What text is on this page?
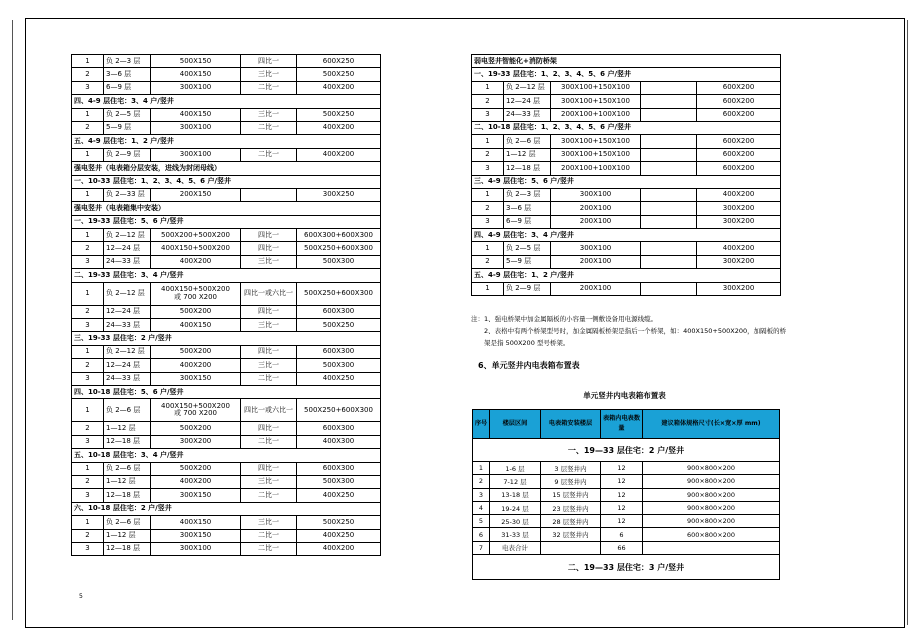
1	负 2—3 层	500X150	四比一	600X250
2	3—6 层	400X150	三比一	500X250
3	6—9 层	300X100	二比一	400X200
四、4-9 层住宅：3、4 户/竖井				
1	负 2—5 层	400X150	三比一	500X250
2	5—9 层	300X100	二比一	400X200
五、4-9 层住宅：1、2 户/竖井				
1	负 2—9 层	300X100	二比一	400X200
强电竖井（电表箱分层安装，进线为封闭母线）				
一、10-33 层住宅：1、2、3、4、5、6 户/竖井				
1	负 2—33 层	200X150		300X250
强电竖井（电表箱集中安装）				
一、19-33 层住宅：5、6 户/竖井				
1	负 2—12 层	500X200+500X200	四比一	600X300+600X300
2	12—24 层	400X150+500X200	四比一	500X250+600X300
3	24—33 层	400X200	三比一	500X300
二、19-33 层住宅：3、4 户/竖井				
1	负 2—12 层	400X150+500X200
或 700 X200	四比一或六比一	500X250+600X300
2	12—24 层	500X200	四比一	600X300
3	24—33 层	400X150	三比一	500X250
三、19-33 层住宅：2 户/竖井				
1	负 2—12 层	500X200	四比一	600X300
2	12—24 层	400X200	三比一	500X300
3	24—33 层	300X150	二比一	400X250
四、10-18 层住宅：5、6 户/竖井				
1	负 2—6 层	400X150+500X200
或 700 X200	四比一或六比一	500X250+600X300
2	1—12 层	500X200	四比一	600X300
3	12—18 层	300X200	二比一	400X300
五、10-18 层住宅：3、4 户/竖井				
1	负 2—6 层	500X200	四比一	600X300
2	1—12 层	400X200	三比一	500X300
3	12—18 层	300X150	二比一	400X250
六、10-18 层住宅：2 户/竖井				
1	负 2—6 层	400X150	三比一	500X250
2	1—12 层	300X150	二比一	400X250
3	12—18 层	300X100	二比一	400X200
弱电竖井智能化+消防桥架				
一、19-33 层住宅：1、2、3、4、5、6 户/竖井				
1	负 2—12 层	300X100+150X100		600X200
2	12—24 层	300X100+150X100		600X200
3	24—33 层	200X100+100X100		600X200
二、10-18 层住宅：1、2、3、4、5、6 户/竖井				
1	负 2—6 层	300X100+150X100		600X200
2	1—12 层	300X100+150X100		600X200
3	12—18 层	200X100+100X100		600X200
三、4-9 层住宅：5、6 户/竖井				
1	负 2—3 层	300X100		400X200
2	3—6 层	200X100		300X200
3	6—9 层	200X100		300X200
四、4-9 层住宅：3、4 户/竖井				
1	负 2—5 层	300X100		400X200
2	5—9 层	200X100		300X200
五、4-9 层住宅：1、2 户/竖井				
1	负 2—9 层	200X100		300X200
注：1、强电桥架中加金属隔板的小容量一侧敷设备用电源线缆。
2、表格中有两个桥架型号时，加金属隔板桥架是指后一个桥架，如：400X150+500X200，加隔板的桥
架是指 500X200 型号桥架。
6、单元竖井内电表箱布置表
单元竖井内电表箱布置表
序号	楼层区间	电表箱安装楼层	表箱内电表数量	建议箱体规格尺寸(长×宽×厚 mm)
一、19—33 层住宅：2 户/竖井				
1	1-6 层	3 层竖井内	12	900×800×200
2	7-12 层	9 层竖井内	12	900×800×200
3	13-18 层	15 层竖井内	12	900×800×200
4	19-24 层	23 层竖井内	12	900×800×200
5	25-30 层	28 层竖井内	12	900×800×200
6	31-33 层	32 层竖井内	6	600×800×200
7	电表合计		66	
二、19—33 层住宅：3 户/竖井				
5
